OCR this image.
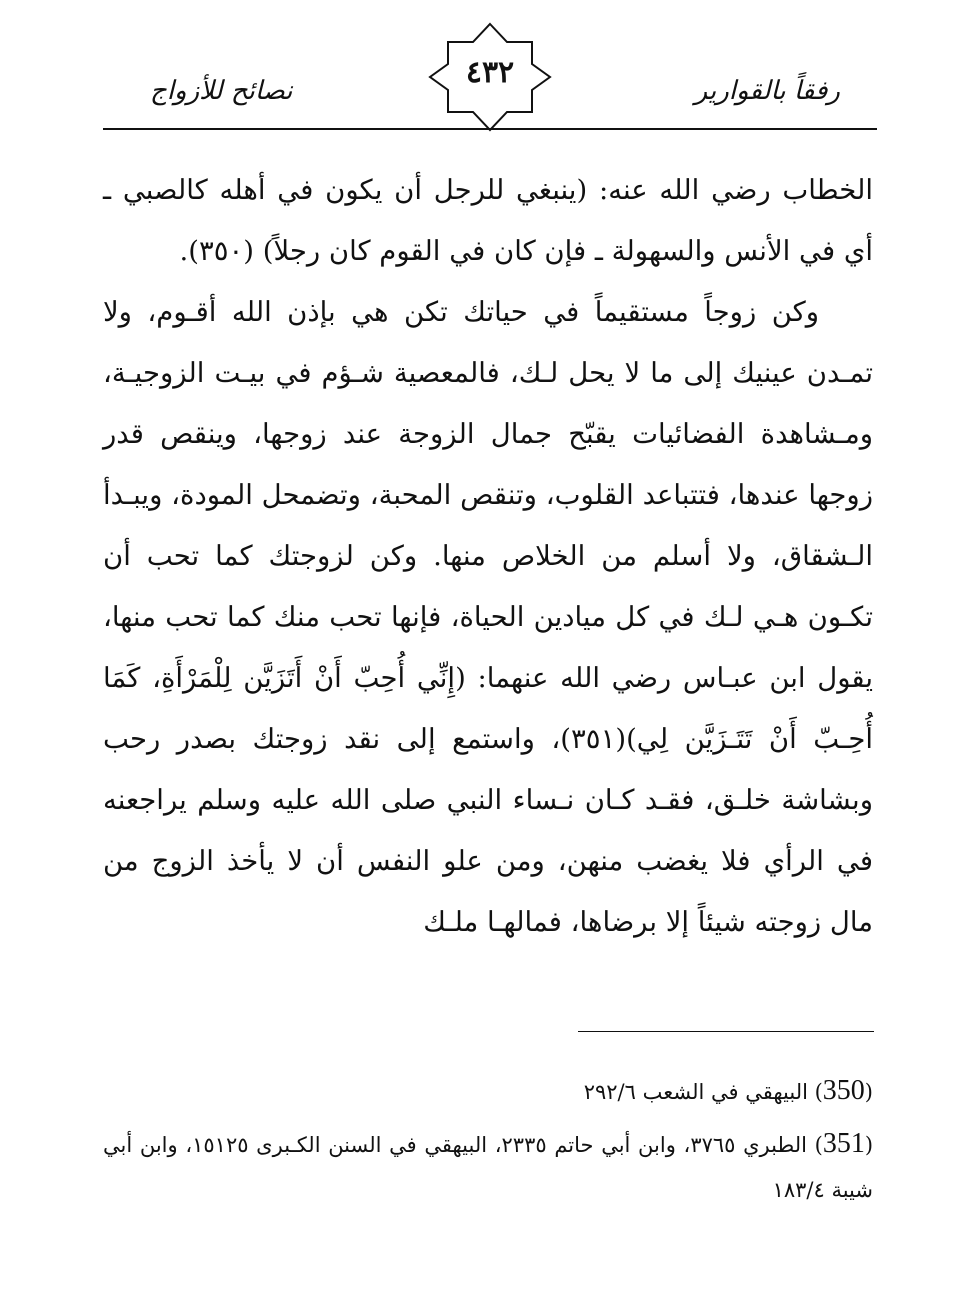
نصائح للأزواج
٤٣٢
رفقاً بالقوارير

الخطاب رضي الله عنه: (ينبغي للرجل أن يكون في أهله كالصبي ـ أي في الأنس والسهولة ـ فإن كان في القوم كان رجلاً) (٣٥٠).

وكن زوجاً مستقيماً في حياتك تكن هي بإذن الله أقـوم، ولا تمـدن عينيك إلى ما لا يحل لـك، فالمعصية شـؤم في بيـت الزوجيـة، ومـشاهدة الفضائيات يقبّح جمال الزوجة عند زوجها، وينقص قدر زوجها عندها، فتتباعد القلوب، وتنقص المحبة، وتضمحل المودة، ويبـدأ الـشقاق، ولا أسلم من الخلاص منها. وكن لزوجتك كما تحب أن تكـون هـي لـك في كل ميادين الحياة، فإنها تحب منك كما تحب منها، يقول ابن عبـاس رضي الله عنهما: (إِنِّي أُحِبّ أَنْ أَتَزَيَّن لِلْمَرْأَةِ، كَمَا أُحِـبّ أَنْ تَتَـزَيَّن لِي)(٣٥١)، واستمع إلى نقد زوجتك بصدر رحب وبشاشة خلـق، فقـد كـان نـساء النبي صلى الله عليه وسلم يراجعنه في الرأي فلا يغضب منهن، ومن علو النفس أن لا يأخذ الزوج من مال زوجته شيئاً إلا برضاها، فمالهـا ملـك

(350) البيهقي في الشعب ٢٩٢/٦

(351) الطبري ٣٧٦٥، وابن أبي حاتم ٢٣٣٥، البيهقي في السنن الكـبرى ١٥١٢٥، وابن أبي شيبة ١٨٣/٤
